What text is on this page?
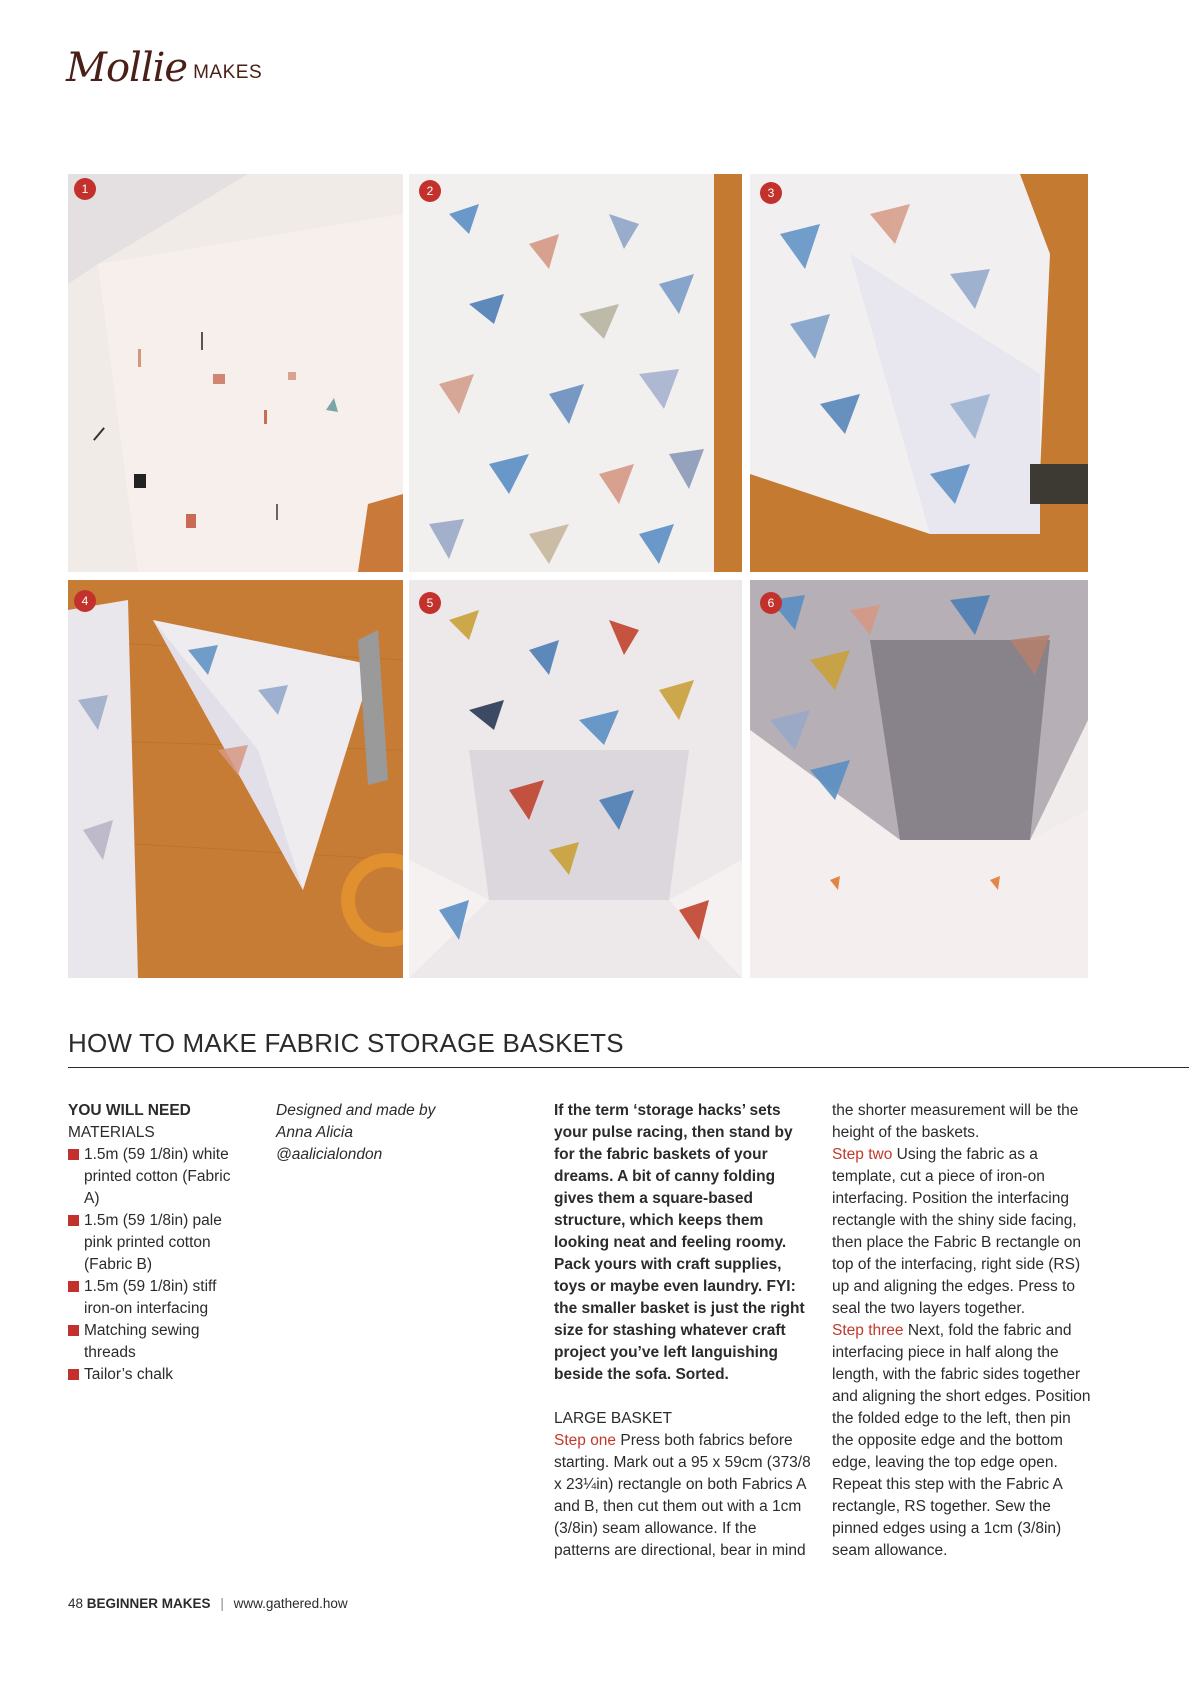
Mollie MAKES
1	2	3
4	5	6
HOW TO MAKE FABRIC STORAGE BASKETS
YOU WILL NEED
MATERIALS
1.5m (59 1/8in) white printed cotton (Fabric A)
1.5m (59 1/8in) pale pink printed cotton (Fabric B)
1.5m (59 1/8in) stiff iron-on interfacing
Matching sewing threads
Tailor’s chalk
Designed and made by
Anna Alicia
@aalicialondon

If the term ‘storage hacks’ sets your pulse racing, then stand by for the fabric baskets of your dreams. A bit of canny folding gives them a square-based structure, which keeps them looking neat and feeling roomy. Pack yours with craft supplies, toys or maybe even laundry. FYI: the smaller basket is just the right size for stashing whatever craft project you’ve left languishing beside the sofa. Sorted.

LARGE BASKET

Step one Press both fabrics before starting. Mark out a 95 x 59cm (373/8 x 23¼in) rectangle on both Fabrics A and B, then cut them out with a 1cm (3/8in) seam allowance. If the patterns are directional, bear in mind

the shorter measurement will be the height of the baskets.

Step two Using the fabric as a template, cut a piece of iron-on interfacing. Position the interfacing rectangle with the shiny side facing, then place the Fabric B rectangle on top of the interfacing, right side (RS) up and aligning the edges. Press to seal the two layers together.

Step three Next, fold the fabric and interfacing piece in half along the length, with the fabric sides together and aligning the short edges. Position the folded edge to the left, then pin the opposite edge and the bottom edge, leaving the top edge open. Repeat this step with the Fabric A rectangle, RS together. Sew the pinned edges using a 1cm (3/8in) seam allowance.

48 BEGINNER MAKES | www.gathered.how
